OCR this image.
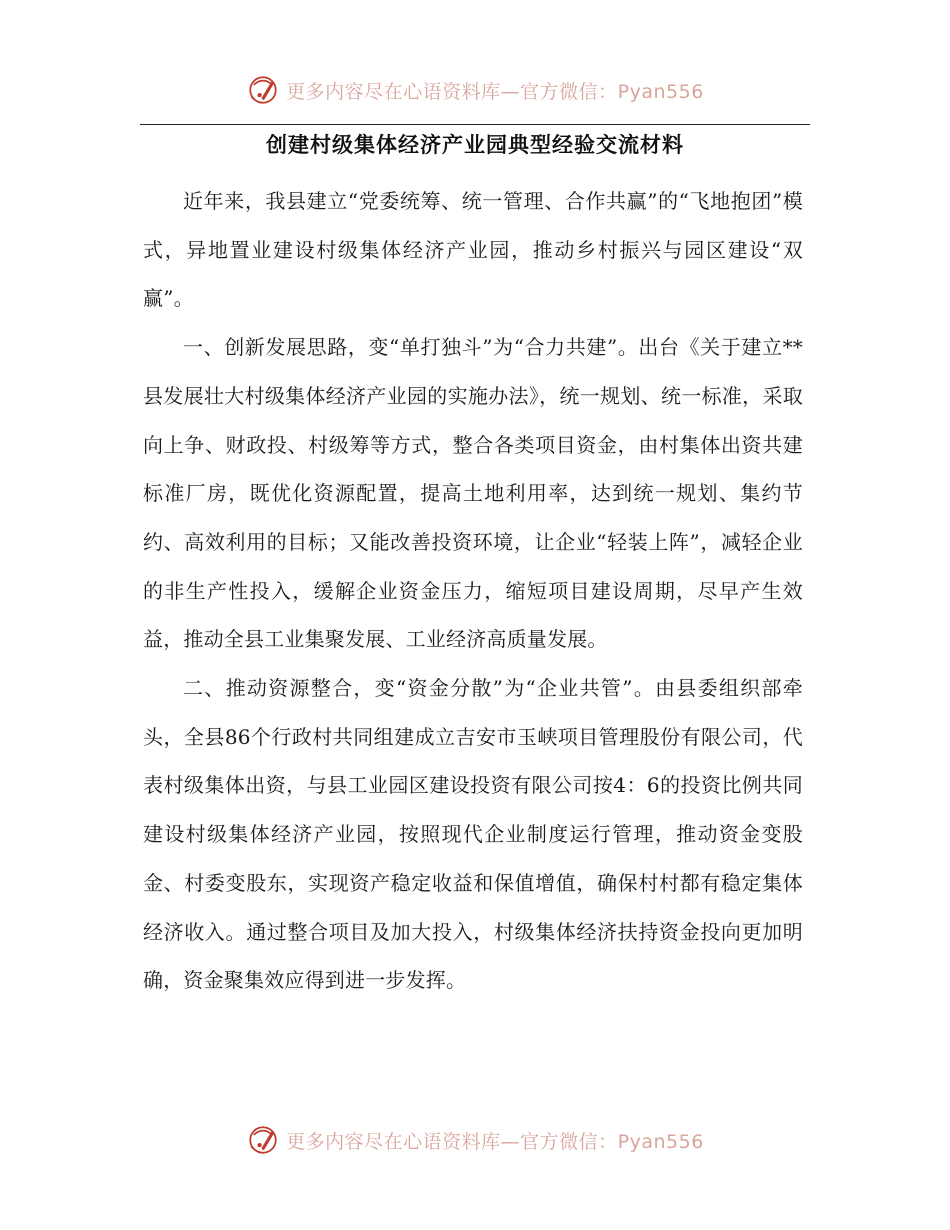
更多内容尽在心语资料库—官方微信：Pyan556
创建村级集体经济产业园典型经验交流材料

近年来，我县建立“党委统筹、统一管理、合作共赢”的“飞地抱团”模式，异地置业建设村级集体经济产业园，推动乡村振兴与园区建设“双赢”。

一、创新发展思路，变“单打独斗”为“合力共建”。出台《关于建立**县发展壮大村级集体经济产业园的实施办法》，统一规划、统一标准，采取向上争、财政投、村级筹等方式，整合各类项目资金，由村集体出资共建标准厂房，既优化资源配置，提高土地利用率，达到统一规划、集约节约、高效利用的目标；又能改善投资环境，让企业“轻装上阵”，减轻企业的非生产性投入，缓解企业资金压力，缩短项目建设周期，尽早产生效益，推动全县工业集聚发展、工业经济高质量发展。

二、推动资源整合，变“资金分散”为“企业共管”。由县委组织部牵头，全县86个行政村共同组建成立吉安市玉峡项目管理股份有限公司，代表村级集体出资，与县工业园区建设投资有限公司按4：6的投资比例共同建设村级集体经济产业园，按照现代企业制度运行管理，推动资金变股金、村委变股东，实现资产稳定收益和保值增值，确保村村都有稳定集体经济收入。通过整合项目及加大投入，村级集体经济扶持资金投向更加明确，资金聚集效应得到进一步发挥。

更多内容尽在心语资料库—官方微信：Pyan556
